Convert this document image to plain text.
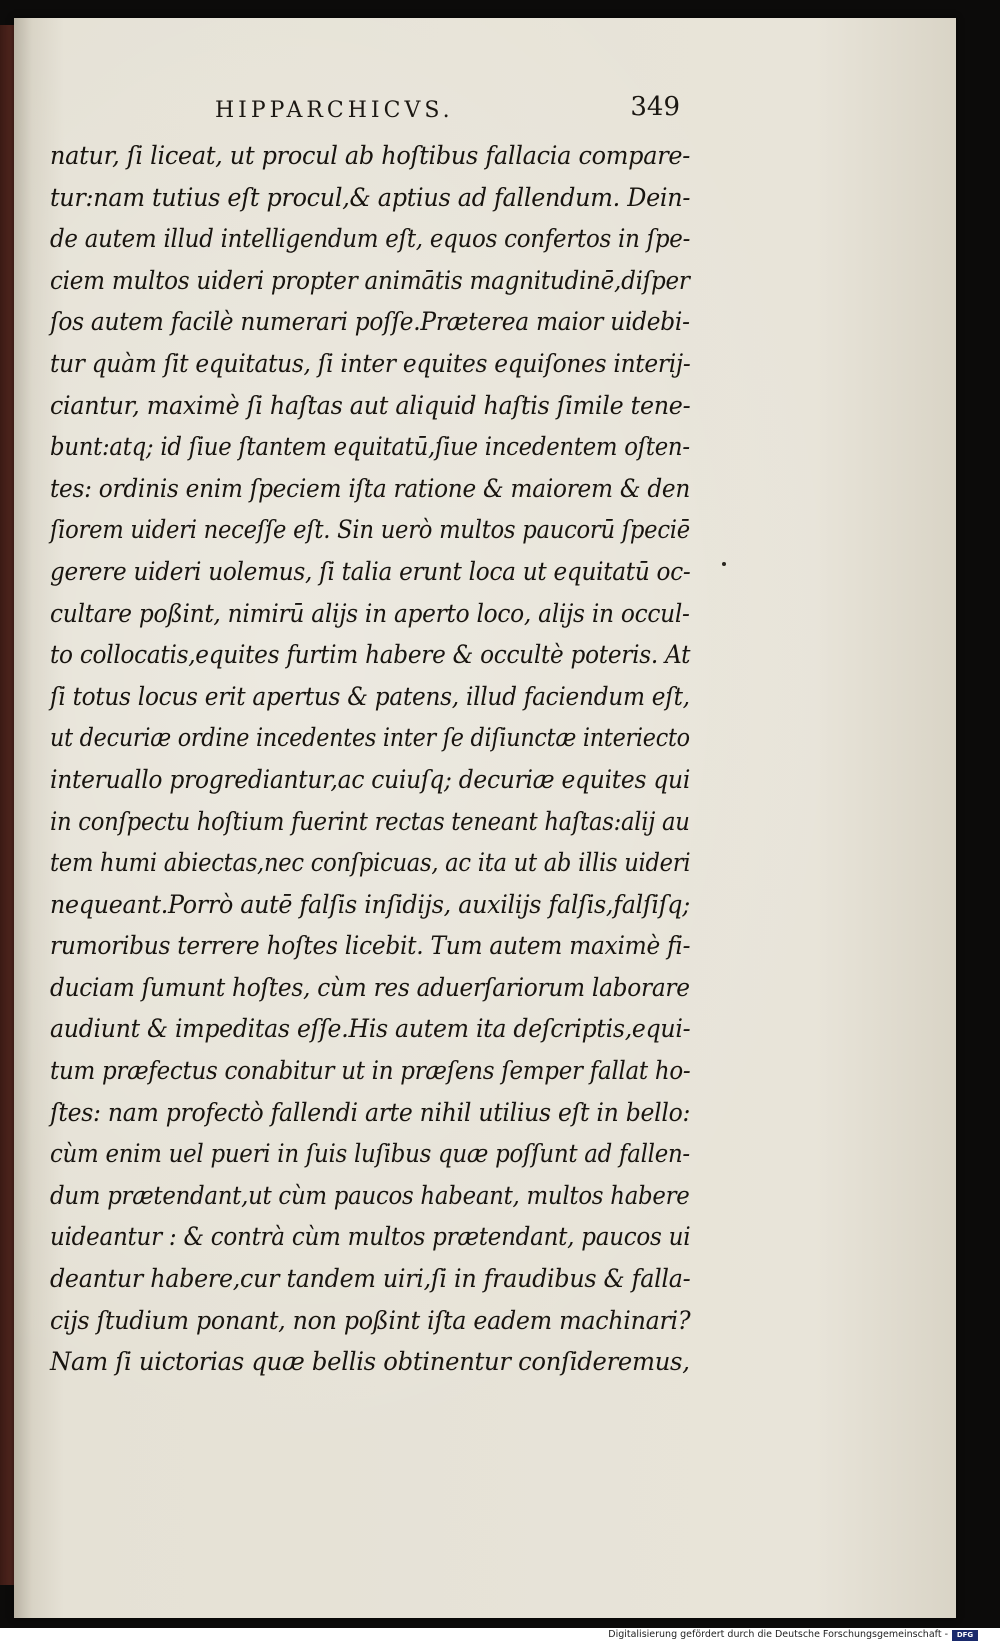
HIPPARCHICVS.	349
natur, ſi liceat, ut procul ab hoſtibus fallacia compare-
tur:nam tutius eſt procul,& aptius ad fallendum. Dein-
de autem illud intelligendum eſt, equos confertos in ſpe-
ciem multos uideri propter animātis magnitudinē,diſper
ſos autem facilè numerari poſſe.Prӕterea maior uidebi-
tur quàm ſit equitatus, ſi inter equites equiſones interij-
ciantur, maximè ſi haſtas aut aliquid haſtis ſimile tene-
bunt:atq; id ſiue ſtantem equitatū,ſiue incedentem oſten-
tes: ordinis enim ſpeciem iſta ratione & maiorem & den
ſiorem uideri neceſſe eſt. Sin uerò multos paucorū ſpeciē
gerere uideri uolemus, ſi talia erunt loca ut equitatū oc-
cultare poßint, nimirū alijs in aperto loco, alijs in occul-
to collocatis,equites furtim habere & occultè poteris. At
ſi totus locus erit apertus & patens, illud faciendum eſt,
ut decuriӕ ordine incedentes inter ſe diſiunctӕ interiecto
interuallo progrediantur,ac cuiuſq; decuriӕ equites qui
in conſpectu hoſtium fuerint rectas teneant haſtas:alij au
tem humi abiectas,nec conſpicuas, ac ita ut ab illis uideri
nequeant.Porrò autē falſis inſidijs, auxilijs falſis,falſiſq;
rumoribus terrere hoſtes licebit. Tum autem maximè fi-
duciam ſumunt hoſtes, cùm res aduerſariorum laborare
audiunt & impeditas eſſe.His autem ita deſcriptis,equi-
tum prӕfectus conabitur ut in prӕſens ſemper fallat ho-
ſtes: nam profectò fallendi arte nihil utilius eſt in bello:
cùm enim uel pueri in ſuis luſibus quӕ poſſunt ad fallen-
dum prӕtendant,ut cùm paucos habeant, multos habere
uideantur : & contrà cùm multos prӕtendant, paucos ui
deantur habere,cur tandem uiri,ſi in fraudibus & falla-
cijs ſtudium ponant, non poßint iſta eadem machinari?
Nam ſi uictorias quӕ bellis obtinentur conſideremus,
Digitalisierung gefördert durch die Deutsche Forschungsgemeinschaft -	DFG
